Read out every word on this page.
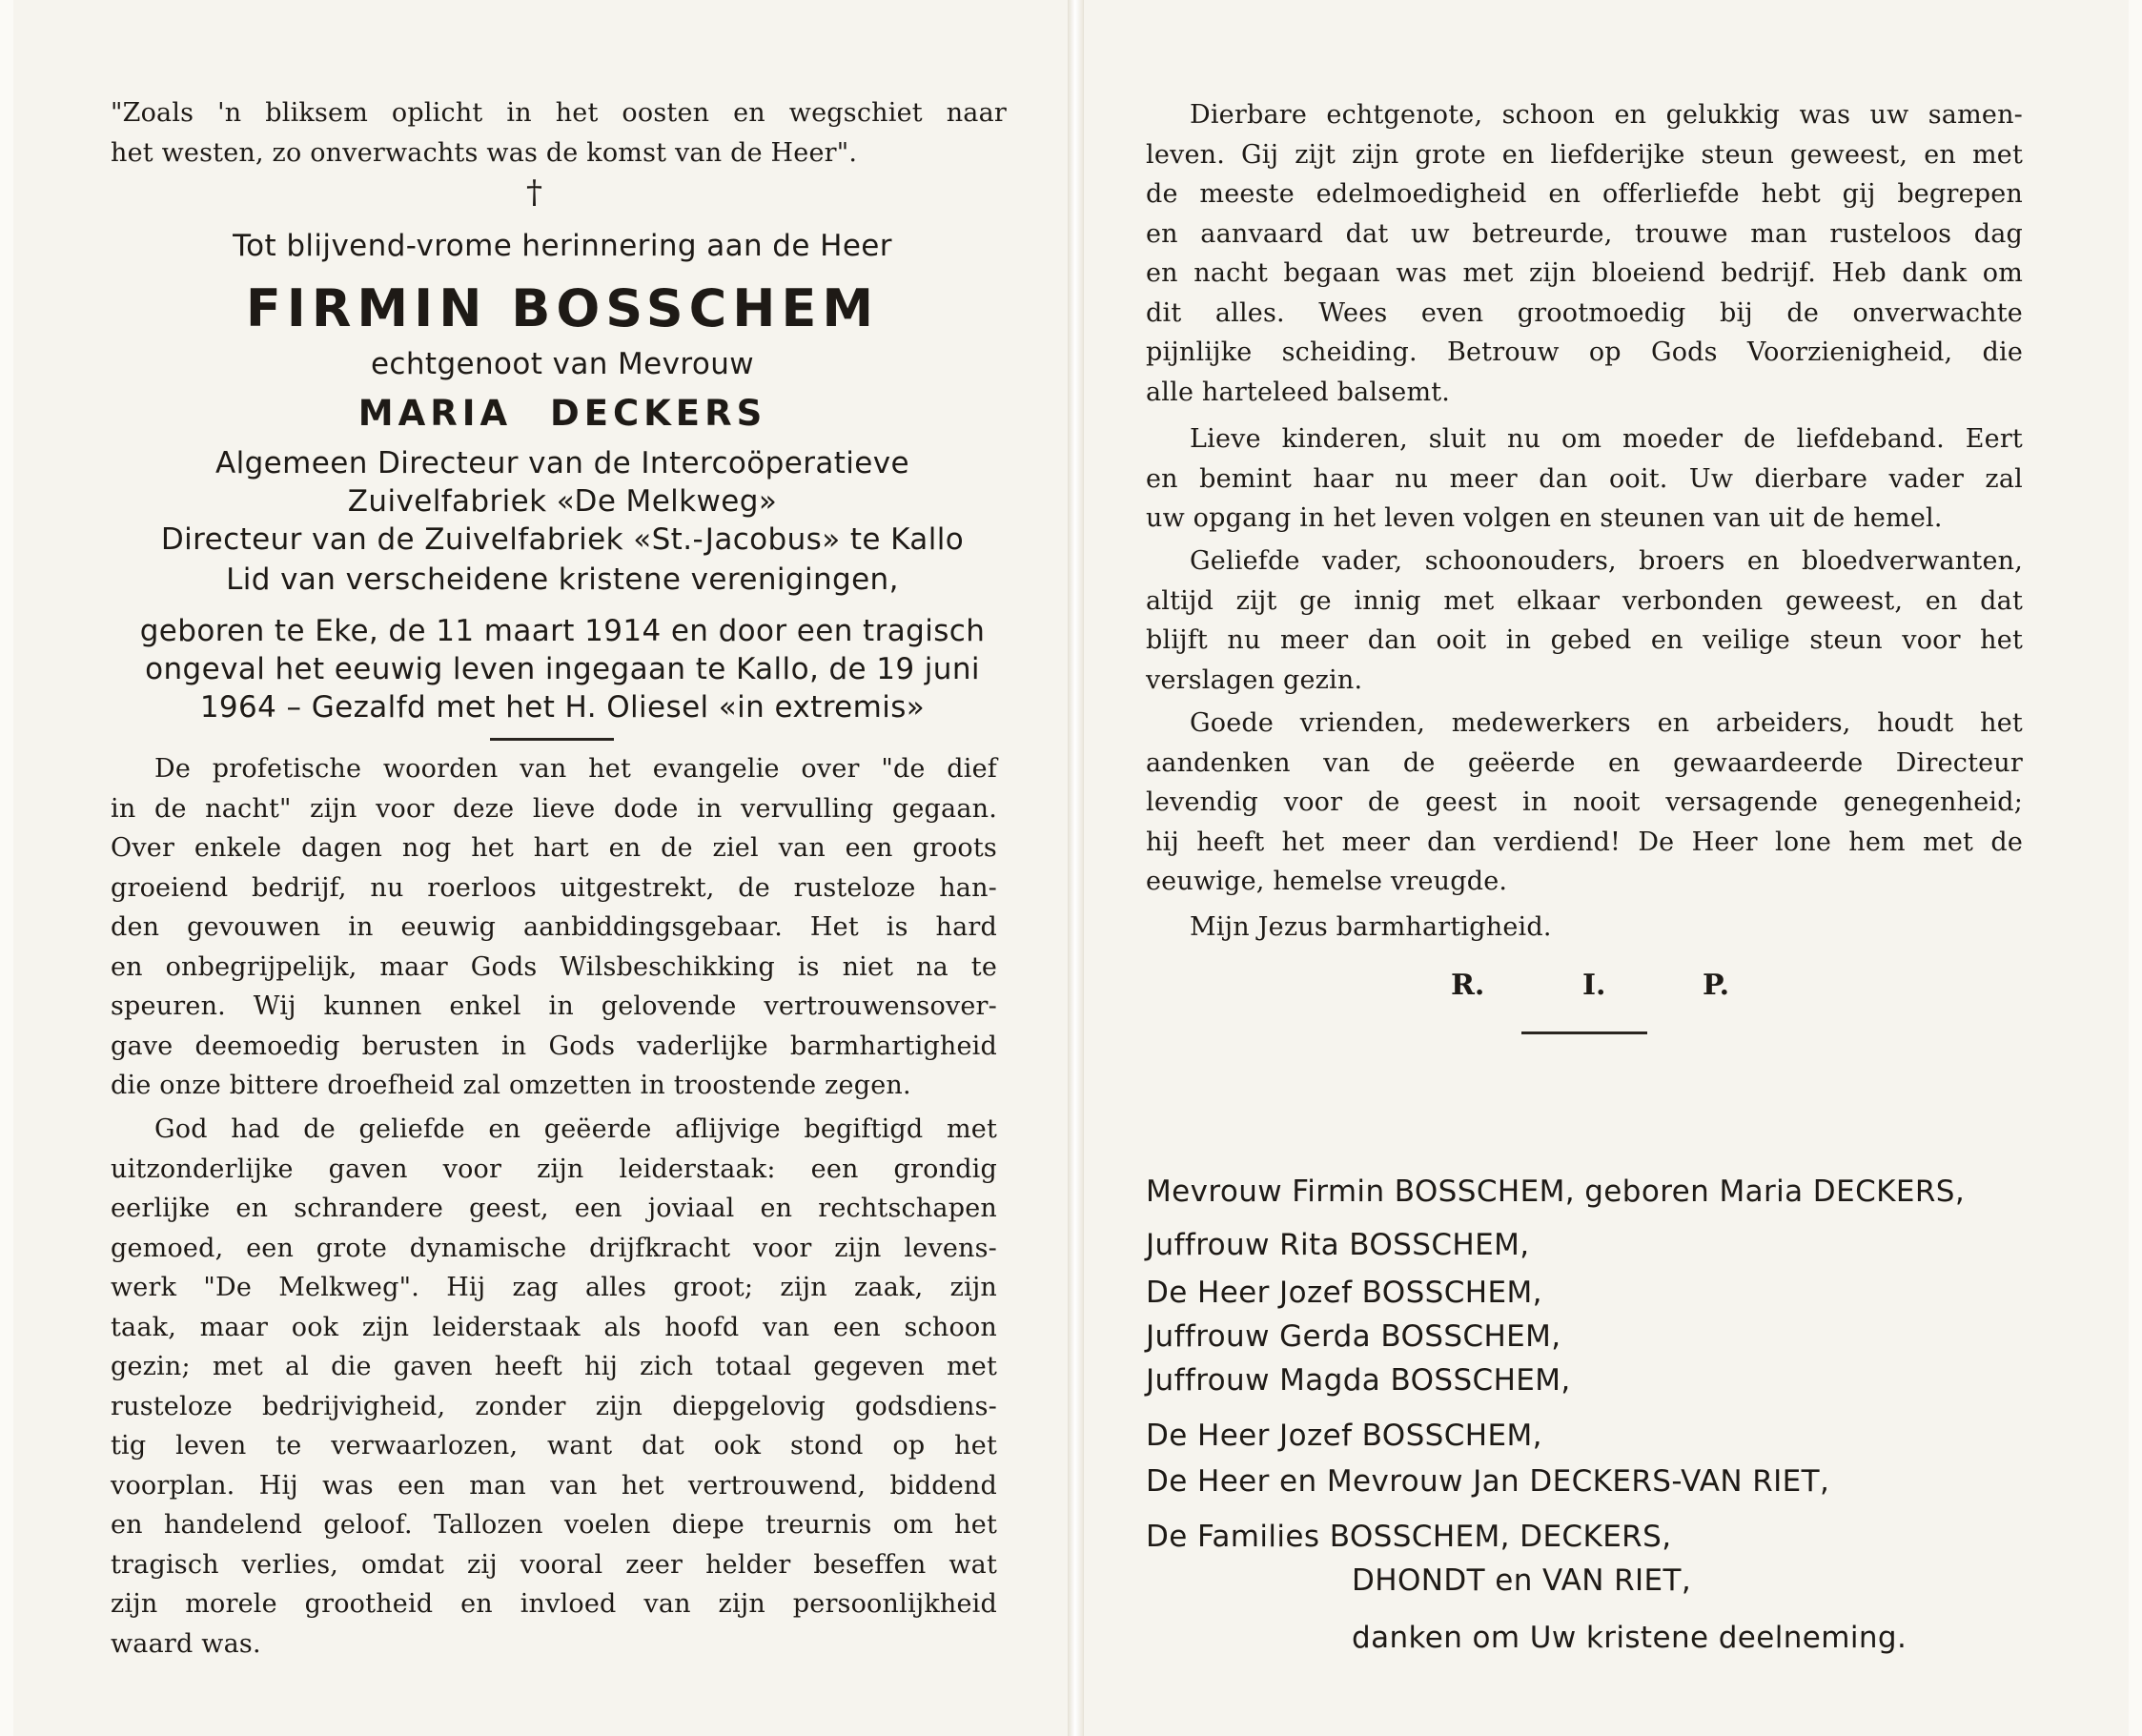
"Zoals 'n bliksem oplicht in het oosten en wegschiet naar
het westen, zo onverwachts was de komst van de Heer".
†
Tot blijvend-vrome herinnering aan de Heer
FIRMIN BOSSCHEM
echtgenoot van Mevrouw
MARIA DECKERS
Algemeen Directeur van de Intercoöperatieve
Zuivelfabriek «De Melkweg»
Directeur van de Zuivelfabriek «St.-Jacobus» te Kallo
Lid van verscheidene kristene verenigingen,
geboren te Eke, de 11 maart 1914 en door een tragisch
ongeval het eeuwig leven ingegaan te Kallo, de 19 juni
1964 – Gezalfd met het H. Oliesel «in extremis»
De profetische woorden van het evangelie over "de dief
in de nacht" zijn voor deze lieve dode in vervulling gegaan.
Over enkele dagen nog het hart en de ziel van een groots
groeiend bedrijf, nu roerloos uitgestrekt, de rusteloze han-
den gevouwen in eeuwig aanbiddingsgebaar. Het is hard
en onbegrijpelijk, maar Gods Wilsbeschikking is niet na te
speuren. Wij kunnen enkel in gelovende vertrouwensover-
gave deemoedig berusten in Gods vaderlijke barmhartigheid
die onze bittere droefheid zal omzetten in troostende zegen.
God had de geliefde en geëerde aflijvige begiftigd met
uitzonderlijke gaven voor zijn leiderstaak: een grondig
eerlijke en schrandere geest, een joviaal en rechtschapen
gemoed, een grote dynamische drijfkracht voor zijn levens-
werk "De Melkweg". Hij zag alles groot; zijn zaak, zijn
taak, maar ook zijn leiderstaak als hoofd van een schoon
gezin; met al die gaven heeft hij zich totaal gegeven met
rusteloze bedrijvigheid, zonder zijn diepgelovig godsdiens-
tig leven te verwaarlozen, want dat ook stond op het
voorplan. Hij was een man van het vertrouwend, biddend
en handelend geloof. Tallozen voelen diepe treurnis om het
tragisch verlies, omdat zij vooral zeer helder beseffen wat
zijn morele grootheid en invloed van zijn persoonlijkheid
waard was.
Dierbare echtgenote, schoon en gelukkig was uw samen-
leven. Gij zijt zijn grote en liefderijke steun geweest, en met
de meeste edelmoedigheid en offerliefde hebt gij begrepen
en aanvaard dat uw betreurde, trouwe man rusteloos dag
en nacht begaan was met zijn bloeiend bedrijf. Heb dank om
dit alles. Wees even grootmoedig bij de onverwachte
pijnlijke scheiding. Betrouw op Gods Voorzienigheid, die
alle harteleed balsemt.
Lieve kinderen, sluit nu om moeder de liefdeband. Eert
en bemint haar nu meer dan ooit. Uw dierbare vader zal
uw opgang in het leven volgen en steunen van uit de hemel.
Geliefde vader, schoonouders, broers en bloedverwanten,
altijd zijt ge innig met elkaar verbonden geweest, en dat
blijft nu meer dan ooit in gebed en veilige steun voor het
verslagen gezin.
Goede vrienden, medewerkers en arbeiders, houdt het
aandenken van de geëerde en gewaardeerde Directeur
levendig voor de geest in nooit versagende genegenheid;
hij heeft het meer dan verdiend! De Heer lone hem met de
eeuwige, hemelse vreugde.
Mijn Jezus barmhartigheid.
R.	I.	P.
Mevrouw Firmin BOSSCHEM, geboren Maria DECKERS,
Juffrouw Rita BOSSCHEM,
De Heer Jozef BOSSCHEM,
Juffrouw Gerda BOSSCHEM,
Juffrouw Magda BOSSCHEM,
De Heer Jozef BOSSCHEM,
De Heer en Mevrouw Jan DECKERS-VAN RIET,
De Families BOSSCHEM, DECKERS,
DHONDT en VAN RIET,
danken om Uw kristene deelneming.
